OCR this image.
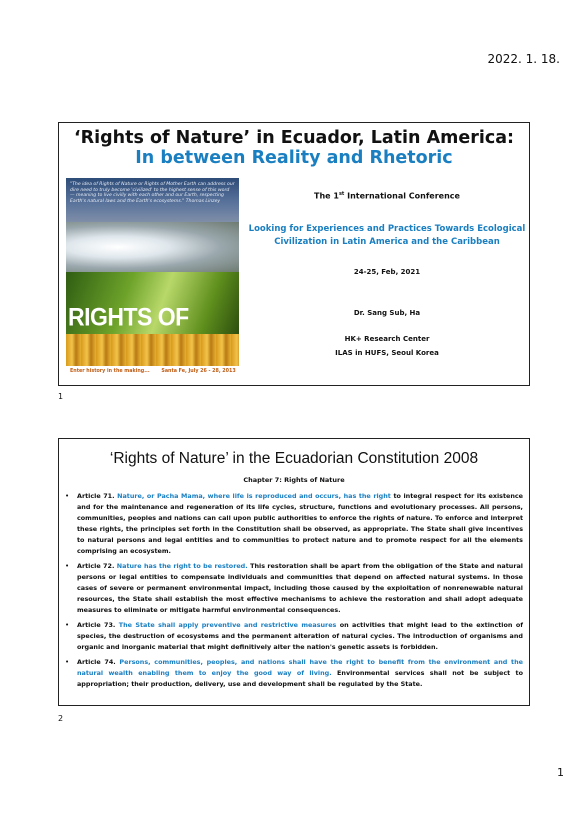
2022. 1. 18.
‘Rights of Nature’ in Ecuador, Latin America:
In between Reality and Rhetoric
"The idea of Rights of Nature or Rights of Mother Earth can address our dire need to truly become 'civilized' to the highest sense of this word — meaning to live civilly with each other and our Earth, respecting Earth's natural laws and the Earth's ecosystems." Thomas Linzey
RIGHTS OF
Enter history in the making... Santa Fe, July 26 - 28, 2013
The 1st International Conference
Looking for Experiences and Practices Towards Ecological
Civilization in Latin America and the Caribbean
24-25, Feb, 2021
Dr. Sang Sub, Ha
HK+ Research Center
ILAS in HUFS, Seoul Korea
1
‘Rights of Nature’ in the Ecuadorian Constitution 2008
Chapter 7: Rights of Nature
•	Article 71. Nature, or Pacha Mama, where life is reproduced and occurs, has the right to integral respect for its existence and for the maintenance and regeneration of its life cycles, structure, functions and evolutionary processes. All persons, communities, peoples and nations can call upon public authorities to enforce the rights of nature. To enforce and interpret these rights, the principles set forth in the Constitution shall be observed, as appropriate. The State shall give incentives to natural persons and legal entities and to communities to protect nature and to promote respect for all the elements comprising an ecosystem.
•	Article 72. Nature has the right to be restored. This restoration shall be apart from the obligation of the State and natural persons or legal entities to compensate individuals and communities that depend on affected natural systems. In those cases of severe or permanent environmental impact, including those caused by the exploitation of nonrenewable natural resources, the State shall establish the most effective mechanisms to achieve the restoration and shall adopt adequate measures to eliminate or mitigate harmful environmental consequences.
•	Article 73. The State shall apply preventive and restrictive measures on activities that might lead to the extinction of species, the destruction of ecosystems and the permanent alteration of natural cycles. The introduction of organisms and organic and inorganic material that might definitively alter the nation's genetic assets is forbidden.
•	Article 74. Persons, communities, peoples, and nations shall have the right to benefit from the environment and the natural wealth enabling them to enjoy the good way of living. Environmental services shall not be subject to appropriation; their production, delivery, use and development shall be regulated by the State.
2
1
